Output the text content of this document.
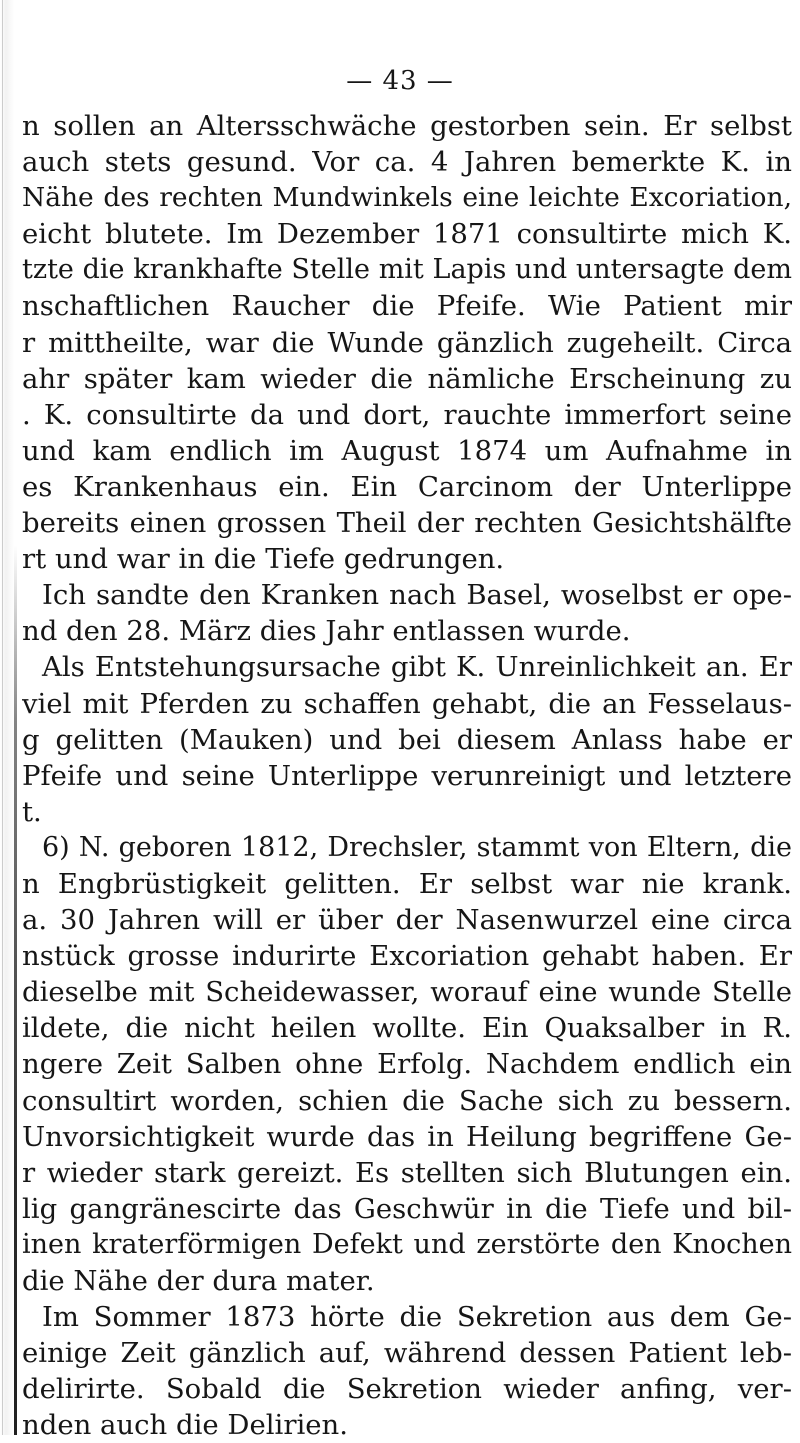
— 43 —
n sollen an Altersschwäche gestorben sein. Er selbst
auch stets gesund. Vor ca. 4 Jahren bemerkte K. in
Nähe des rechten Mundwinkels eine leichte Excoriation,
eicht blutete. Im Dezember 1871 consultirte mich K.
tzte die krankhafte Stelle mit Lapis und untersagte dem
nschaftlichen Raucher die Pfeife. Wie Patient mir
r mittheilte, war die Wunde gänzlich zugeheilt. Circa
ahr später kam wieder die nämliche Erscheinung zu
. K. consultirte da und dort, rauchte immerfort seine
und kam endlich im August 1874 um Aufnahme in
es Krankenhaus ein. Ein Carcinom der Unterlippe
bereits einen grossen Theil der rechten Gesichtshälfte
rt und war in die Tiefe gedrungen.
Ich sandte den Kranken nach Basel, woselbst er ope-
nd den 28. März dies Jahr entlassen wurde.
Als Entstehungsursache gibt K. Unreinlichkeit an. Er
viel mit Pferden zu schaffen gehabt, die an Fesselaus-
g gelitten (Mauken) und bei diesem Anlass habe er
Pfeife und seine Unterlippe verunreinigt und letztere
t.
6) N. geboren 1812, Drechsler, stammt von Eltern, die
n Engbrüstigkeit gelitten. Er selbst war nie krank.
a. 30 Jahren will er über der Nasenwurzel eine circa
nstück grosse indurirte Excoriation gehabt haben. Er
dieselbe mit Scheidewasser, worauf eine wunde Stelle
ildete, die nicht heilen wollte. Ein Quaksalber in R.
ngere Zeit Salben ohne Erfolg. Nachdem endlich ein
consultirt worden, schien die Sache sich zu bessern.
Unvorsichtigkeit wurde das in Heilung begriffene Ge-
r wieder stark gereizt. Es stellten sich Blutungen ein.
lig gangränescirte das Geschwür in die Tiefe und bil-
inen kraterförmigen Defekt und zerstörte den Knochen
die Nähe der dura mater.
Im Sommer 1873 hörte die Sekretion aus dem Ge-
einige Zeit gänzlich auf, während dessen Patient leb-
delirirte. Sobald die Sekretion wieder anfing, ver-
nden auch die Delirien.
